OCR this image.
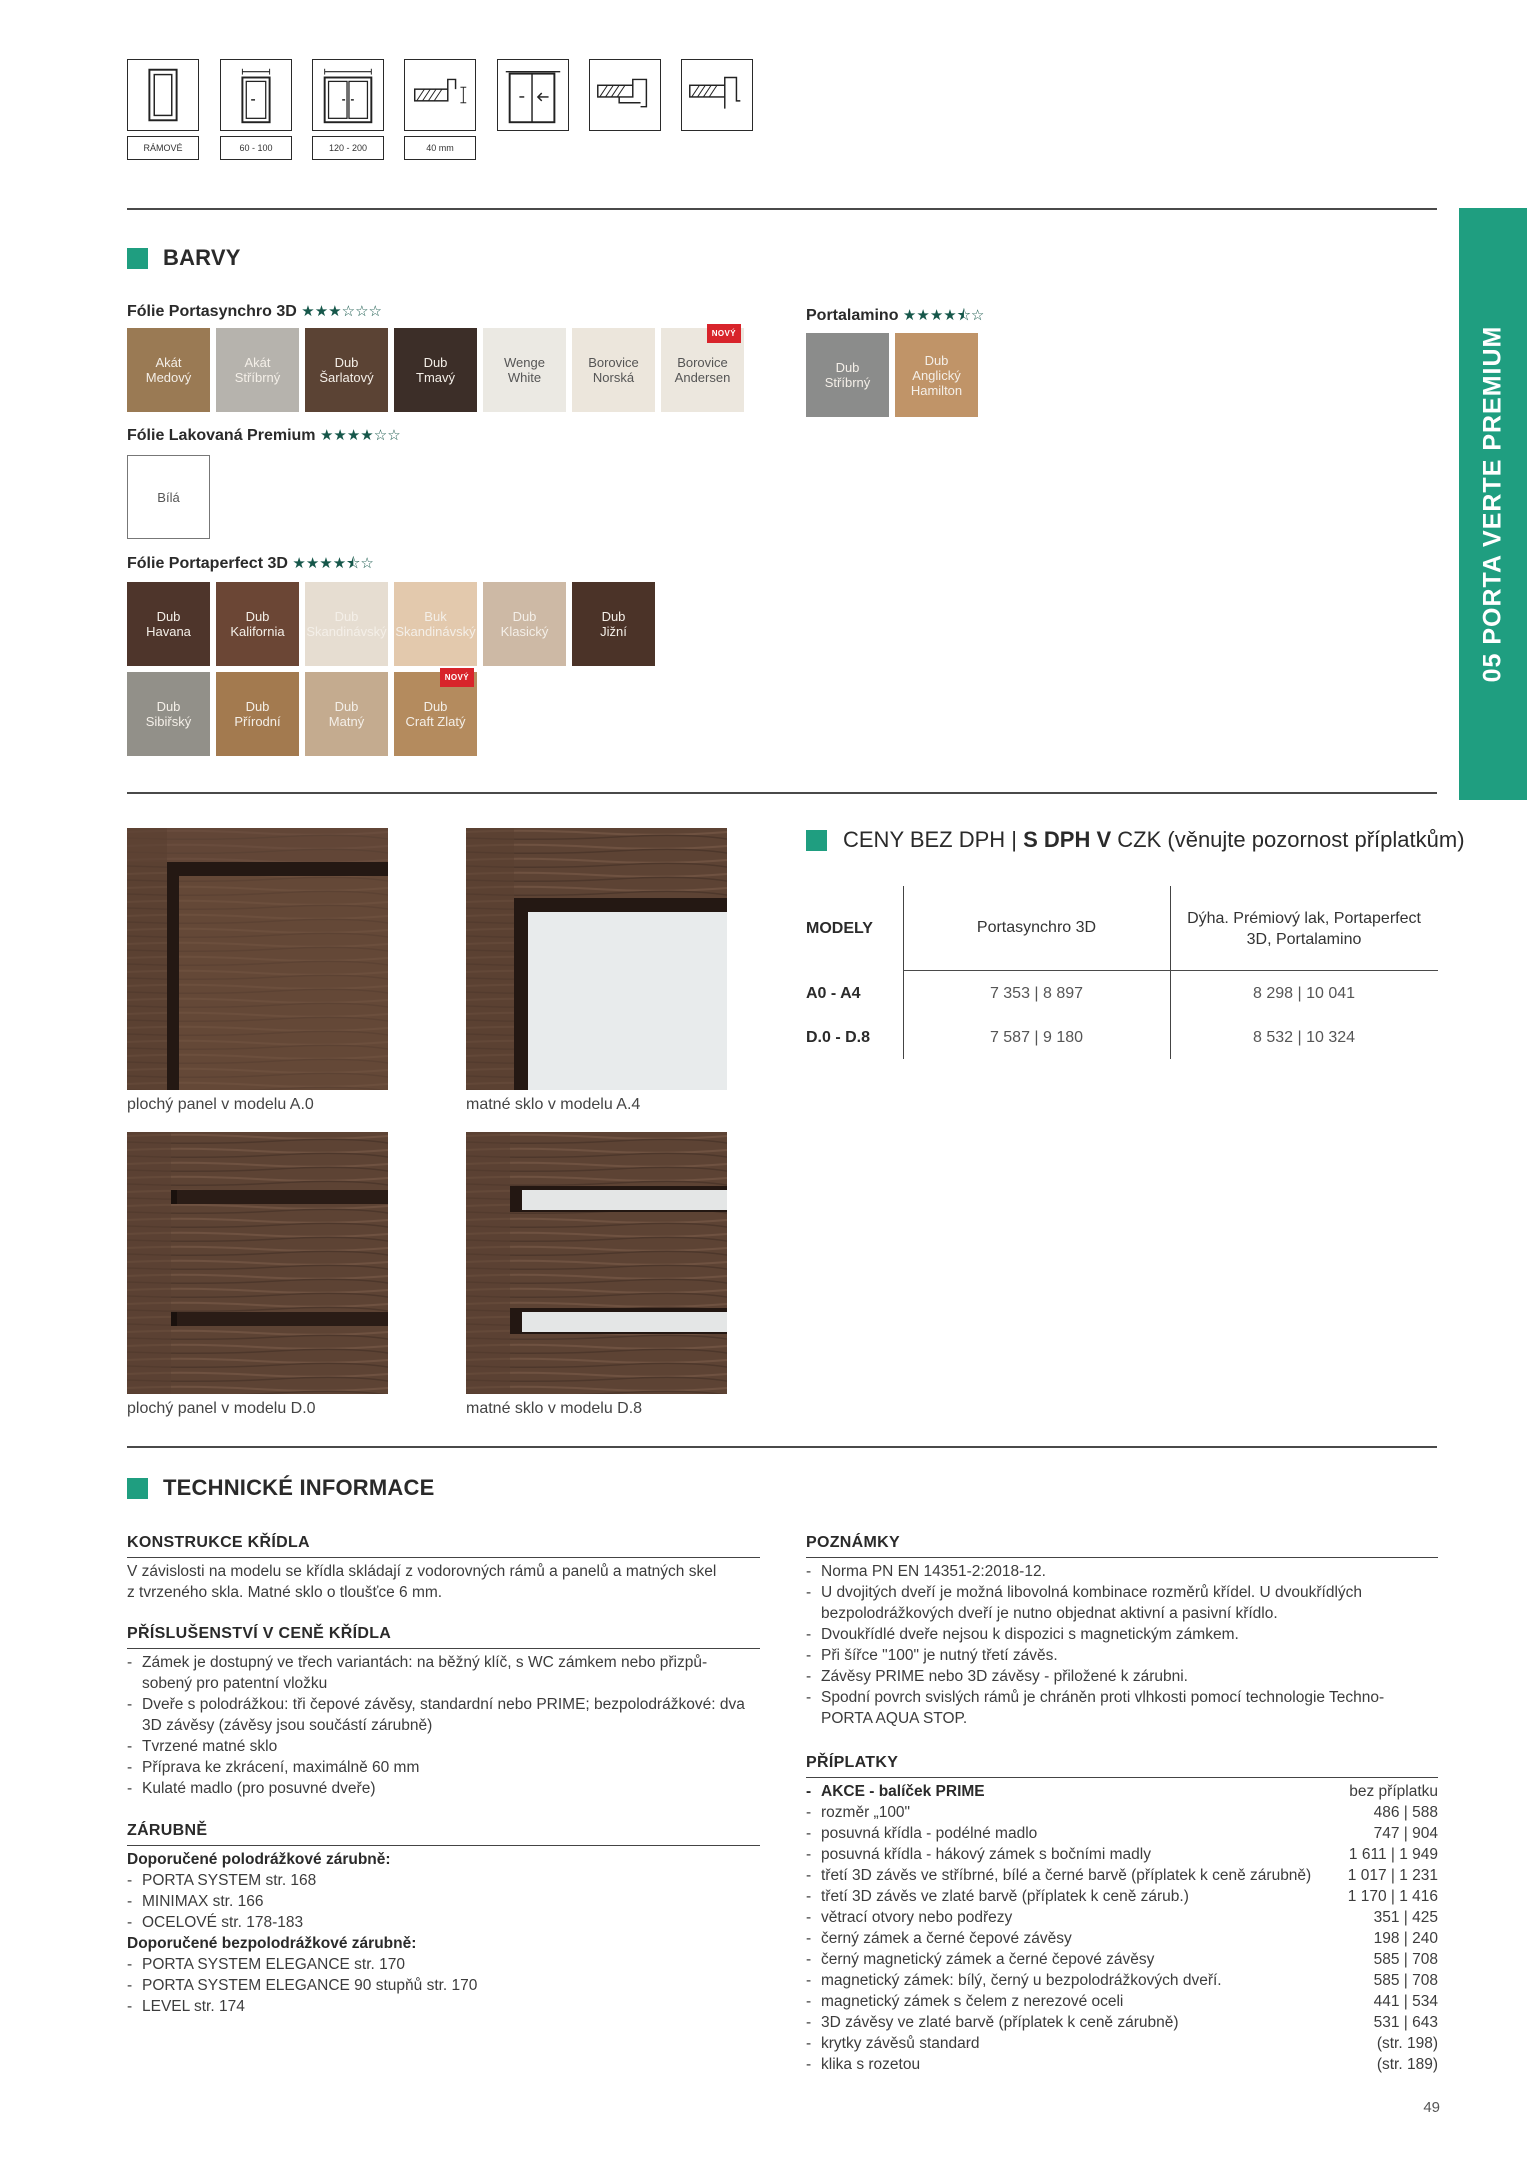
RÁMOVÉ	60 - 100	120 - 200	40 mm
05 PORTA VERTE PREMIUM
BARVY
Fólie Portasynchro 3D ★★★☆☆☆
Akát
Medový
Akát
Stříbrný
Dub
Šarlatový
Dub
Tmavý
Wenge
White
Borovice
Norská
Borovice
Andersen
NOVÝ
Fólie Lakovaná Premium ★★★★☆☆
Bílá
Fólie Portaperfect 3D ★★★★⯪☆
Dub
Havana
Dub
Kalifornia
Dub
Skandinávský
Buk
Skandinávský
Dub
Klasický
Dub
Jižní
Dub
Sibiřský
Dub
Přírodní
Dub
Matný
Dub
Craft Zlatý
NOVÝ
Portalamino ★★★★⯪☆
Dub
Stříbrný
Dub
Anglický
Hamilton
plochý panel v modelu A.0	matné sklo v modelu A.4
plochý panel v modelu D.0	matné sklo v modelu D.8
CENY BEZ DPH | S DPH V CZK (věnujte pozornost příplatkům)
MODELY	Portasynchro 3D
Dýha. Prémiový lak, Portaperfect
3D, Portalamino
A0 - A4	7 353 | 8 897	8 298 | 10 041
D.0 - D.8	7 587 | 9 180	8 532 | 10 324
TECHNICKÉ INFORMACE
KONSTRUKCE KŘÍDLA
V závislosti na modelu se křídla skládají z vodorovných rámů a panelů a matných skel
z tvrzeného skla. Matné sklo o tloušťce 6 mm.
PŘÍSLUŠENSTVÍ V CENĚ KŘÍDLA
- Zámek je dostupný ve třech variantách: na běžný klíč, s WC zámkem nebo přizpů-
sobený pro patentní vložku
- Dveře s polodrážkou: tři čepové závěsy, standardní nebo PRIME; bezpolodrážkové: dva
3D závěsy (závěsy jsou součástí zárubně)
- Tvrzené matné sklo
- Příprava ke zkrácení, maximálně 60 mm
- Kulaté madlo (pro posuvné dveře)
ZÁRUBNĚ
Doporučené polodrážkové zárubně:
- PORTA SYSTEM str. 168
- MINIMAX str. 166
- OCELOVÉ str. 178-183
Doporučené bezpolodrážkové zárubně:
- PORTA SYSTEM ELEGANCE str. 170
- PORTA SYSTEM ELEGANCE 90 stupňů str. 170
- LEVEL str. 174
POZNÁMKY
- Norma PN EN 14351-2:2018-12.
- U dvojitých dveří je možná libovolná kombinace rozměrů křídel. U dvoukřídlých
bezpolodrážkových dveří je nutno objednat aktivní a pasivní křídlo.
- Dvoukřídlé dveře nejsou k dispozici s magnetickým zámkem.
- Při šířce "100" je nutný třetí závěs.
- Závěsy PRIME nebo 3D závěsy - přiložené k zárubni.
- Spodní povrch svislých rámů je chráněn proti vlhkosti pomocí technologie Techno-
PORTA AQUA STOP.
PŘÍPLATKY
- AKCE - balíček PRIME	bez příplatku
- rozměr „100"	486 | 588
- posuvná křídla - podélné madlo	747 | 904
- posuvná křídla - hákový zámek s bočními madly	1 611 | 1 949
- třetí 3D závěs ve stříbrné, bílé a černé barvě (příplatek k ceně zárubně) 1 017 | 1 231
- třetí 3D závěs ve zlaté barvě (příplatek k ceně zárub.)	1 170 | 1 416
- větrací otvory nebo podřezy	351 | 425
- černý zámek a černé čepové závěsy	198 | 240
- černý magnetický zámek a černé čepové závěsy	585 | 708
- magnetický zámek: bílý, černý u bezpolodrážkových dveří.	585 | 708
- magnetický zámek s čelem z nerezové oceli	441 | 534
- 3D závěsy ve zlaté barvě (příplatek k ceně zárubně)	531 | 643
- krytky závěsů standard	(str. 198)
- klika s rozetou	(str. 189)
49
